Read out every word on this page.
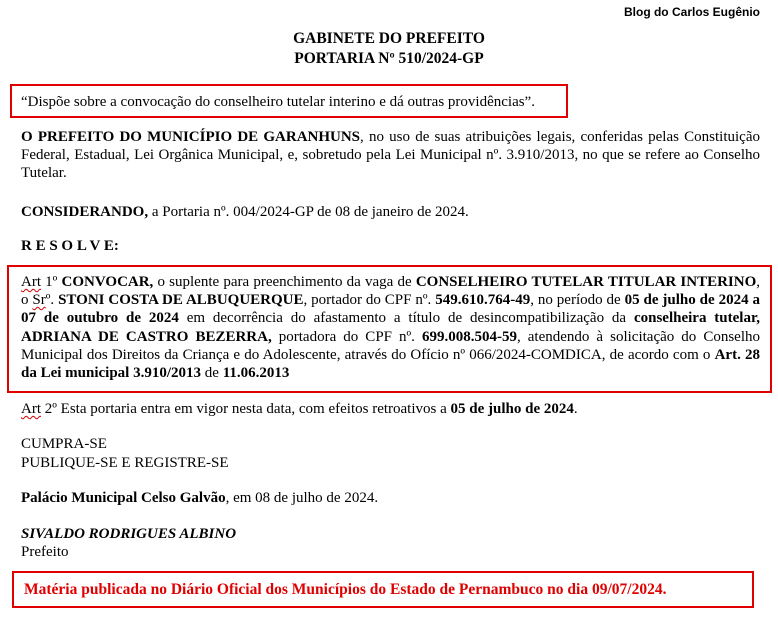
Blog do Carlos Eugênio
GABINETE DO PREFEITO
PORTARIA Nº 510/2024-GP
“Dispõe sobre a convocação do conselheiro tutelar interino e dá outras providências”.
O PREFEITO DO MUNICÍPIO DE GARANHUNS, no uso de suas atribuições legais, conferidas pelas Constituição Federal, Estadual, Lei Orgânica Municipal, e, sobretudo pela Lei Municipal nº. 3.910/2013, no que se refere ao Conselho Tutelar.
CONSIDERANDO, a Portaria nº. 004/2024-GP de 08 de janeiro de 2024.
R E S O L V E:
Art 1º CONVOCAR, o suplente para preenchimento da vaga de CONSELHEIRO TUTELAR TITULAR INTERINO, o Srº. STONI COSTA DE ALBUQUERQUE, portador do CPF nº. 549.610.764-49, no período de 05 de julho de 2024 a 07 de outubro de 2024 em decorrência do afastamento a título de desincompatibilização da conselheira tutelar, ADRIANA DE CASTRO BEZERRA, portadora do CPF nº. 699.008.504-59, atendendo à solicitação do Conselho Municipal dos Direitos da Criança e do Adolescente, através do Ofício nº 066/2024-COMDICA, de acordo com o Art. 28 da Lei municipal 3.910/2013 de 11.06.2013
Art 2º Esta portaria entra em vigor nesta data, com efeitos retroativos a 05 de julho de 2024.
CUMPRA-SE
PUBLIQUE-SE E REGISTRE-SE
Palácio Municipal Celso Galvão, em 08 de julho de 2024.
SIVALDO RODRIGUES ALBINO
Prefeito
Matéria publicada no Diário Oficial dos Municípios do Estado de Pernambuco no dia 09/07/2024.
